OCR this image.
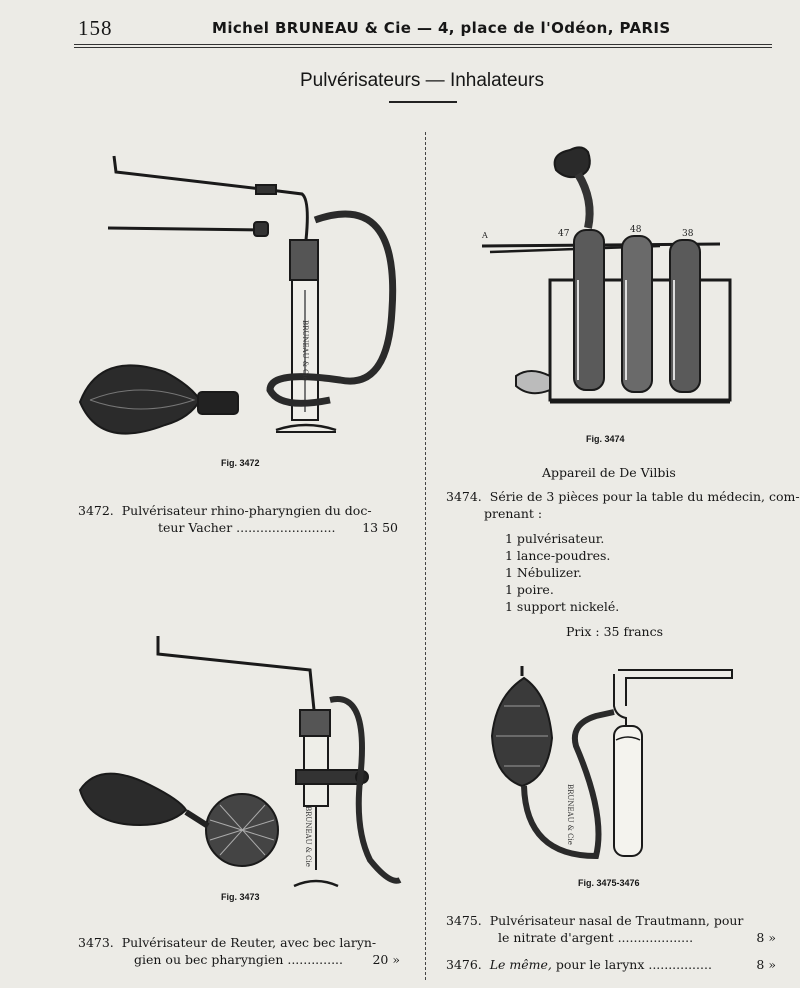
158	Michel BRUNEAU & Cie — 4, place de l'Odéon, PARIS
Pulvérisateurs — Inhalateurs
BRUNEAU & Cie
Fig. 3472
3472. Pulvérisateur rhino-pharyngien du doc-
teur Vacher ......................... 13 50
BRUNEAU & Cie
Fig. 3473
3473. Pulvérisateur de Reuter, avec bec laryn-
gien ou bec pharyngien .............. 20 »
A	47	48	38
Fig. 3474
Appareil de De Vilbis
3474. Série de 3 pièces pour la table du médecin, com-
prenant :
1 pulvérisateur.
1 lance-poudres.
1 Nébulizer.
1 poire.
1 support nickelé.
Prix : 35 francs
BRUNEAU & Cie
Fig. 3475-3476
3475. Pulvérisateur nasal de Trautmann, pour
le nitrate d'argent ...................	8 »
3476. Le même, pour le larynx ................	8 »
